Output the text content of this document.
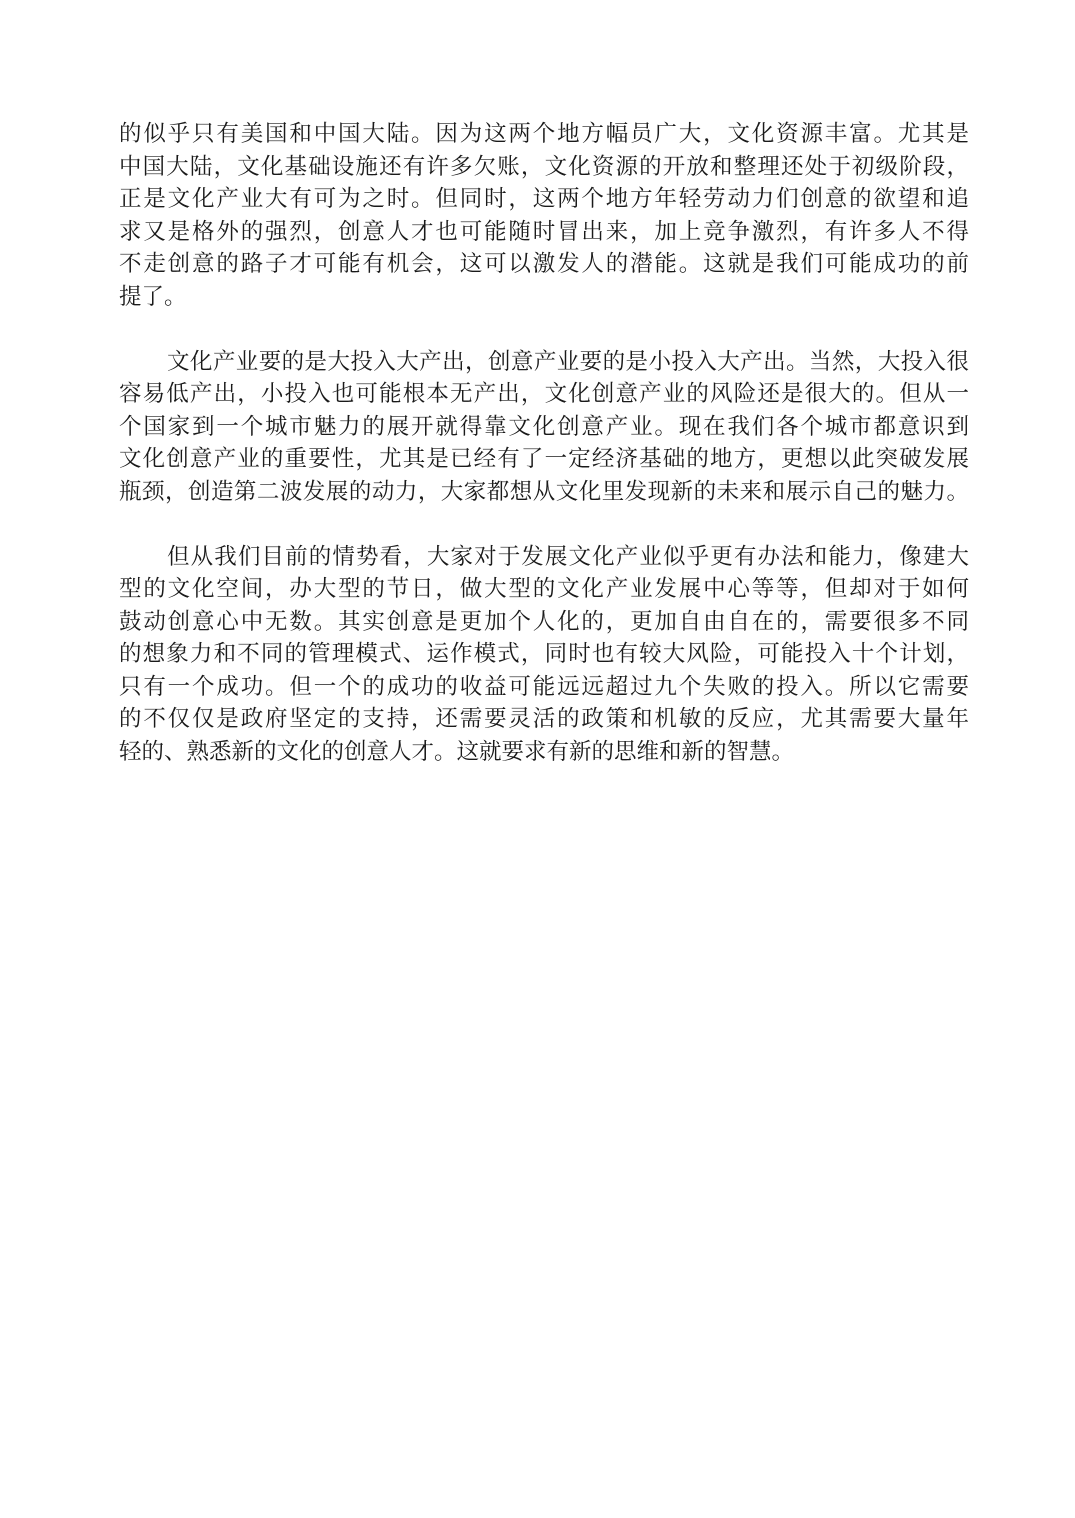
的似乎只有美国和中国大陆。因为这两个地方幅员广大，文化资源丰富。尤其是
中国大陆，文化基础设施还有许多欠账，文化资源的开放和整理还处于初级阶段，
正是文化产业大有可为之时。但同时，这两个地方年轻劳动力们创意的欲望和追
求又是格外的强烈，创意人才也可能随时冒出来，加上竞争激烈，有许多人不得
不走创意的路子才可能有机会，这可以激发人的潜能。这就是我们可能成功的前
提了。
文化产业要的是大投入大产出，创意产业要的是小投入大产出。当然，大投入很
容易低产出，小投入也可能根本无产出，文化创意产业的风险还是很大的。但从一
个国家到一个城市魅力的展开就得靠文化创意产业。现在我们各个城市都意识到
文化创意产业的重要性，尤其是已经有了一定经济基础的地方，更想以此突破发展
瓶颈，创造第二波发展的动力，大家都想从文化里发现新的未来和展示自己的魅力。
但从我们目前的情势看，大家对于发展文化产业似乎更有办法和能力，像建大
型的文化空间，办大型的节日，做大型的文化产业发展中心等等，但却对于如何
鼓动创意心中无数。其实创意是更加个人化的，更加自由自在的，需要很多不同
的想象力和不同的管理模式、运作模式，同时也有较大风险，可能投入十个计划，
只有一个成功。但一个的成功的收益可能远远超过九个失败的投入。所以它需要
的不仅仅是政府坚定的支持，还需要灵活的政策和机敏的反应，尤其需要大量年
轻的、熟悉新的文化的创意人才。这就要求有新的思维和新的智慧。
